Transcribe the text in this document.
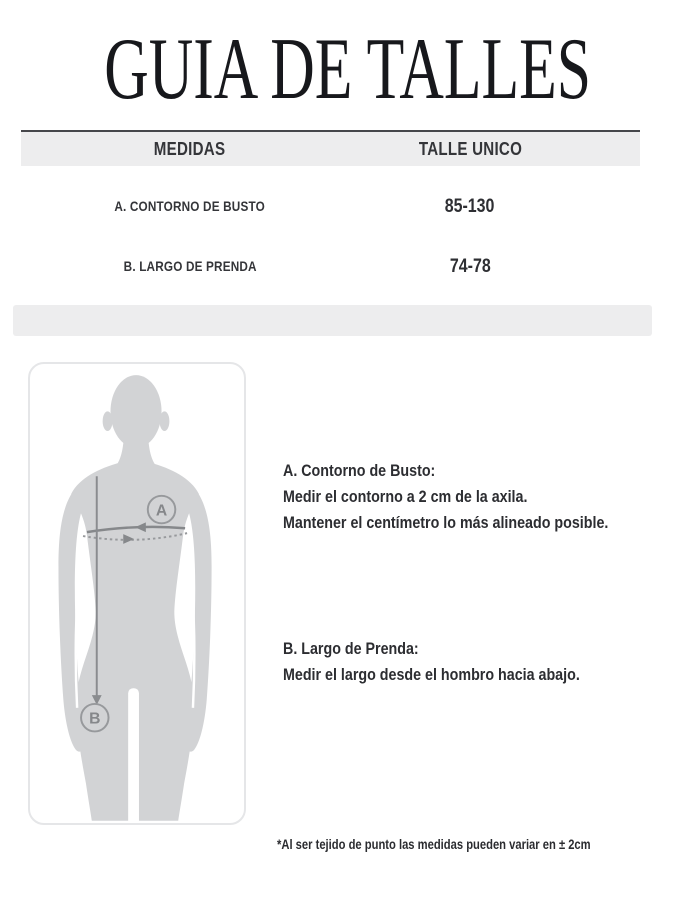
GUIA DE TALLES
MEDIDAS	TALLE UNICO
A. CONTORNO DE BUSTO	85-130
B. LARGO DE PRENDA	74-78
A
B
A. Contorno de Busto:
Medir el contorno a 2 cm de la axila.
Mantener el centímetro lo más alineado posible.
B. Largo de Prenda:
Medir el largo desde el hombro hacia abajo.
*Al ser tejido de punto las medidas pueden variar en ± 2cm
